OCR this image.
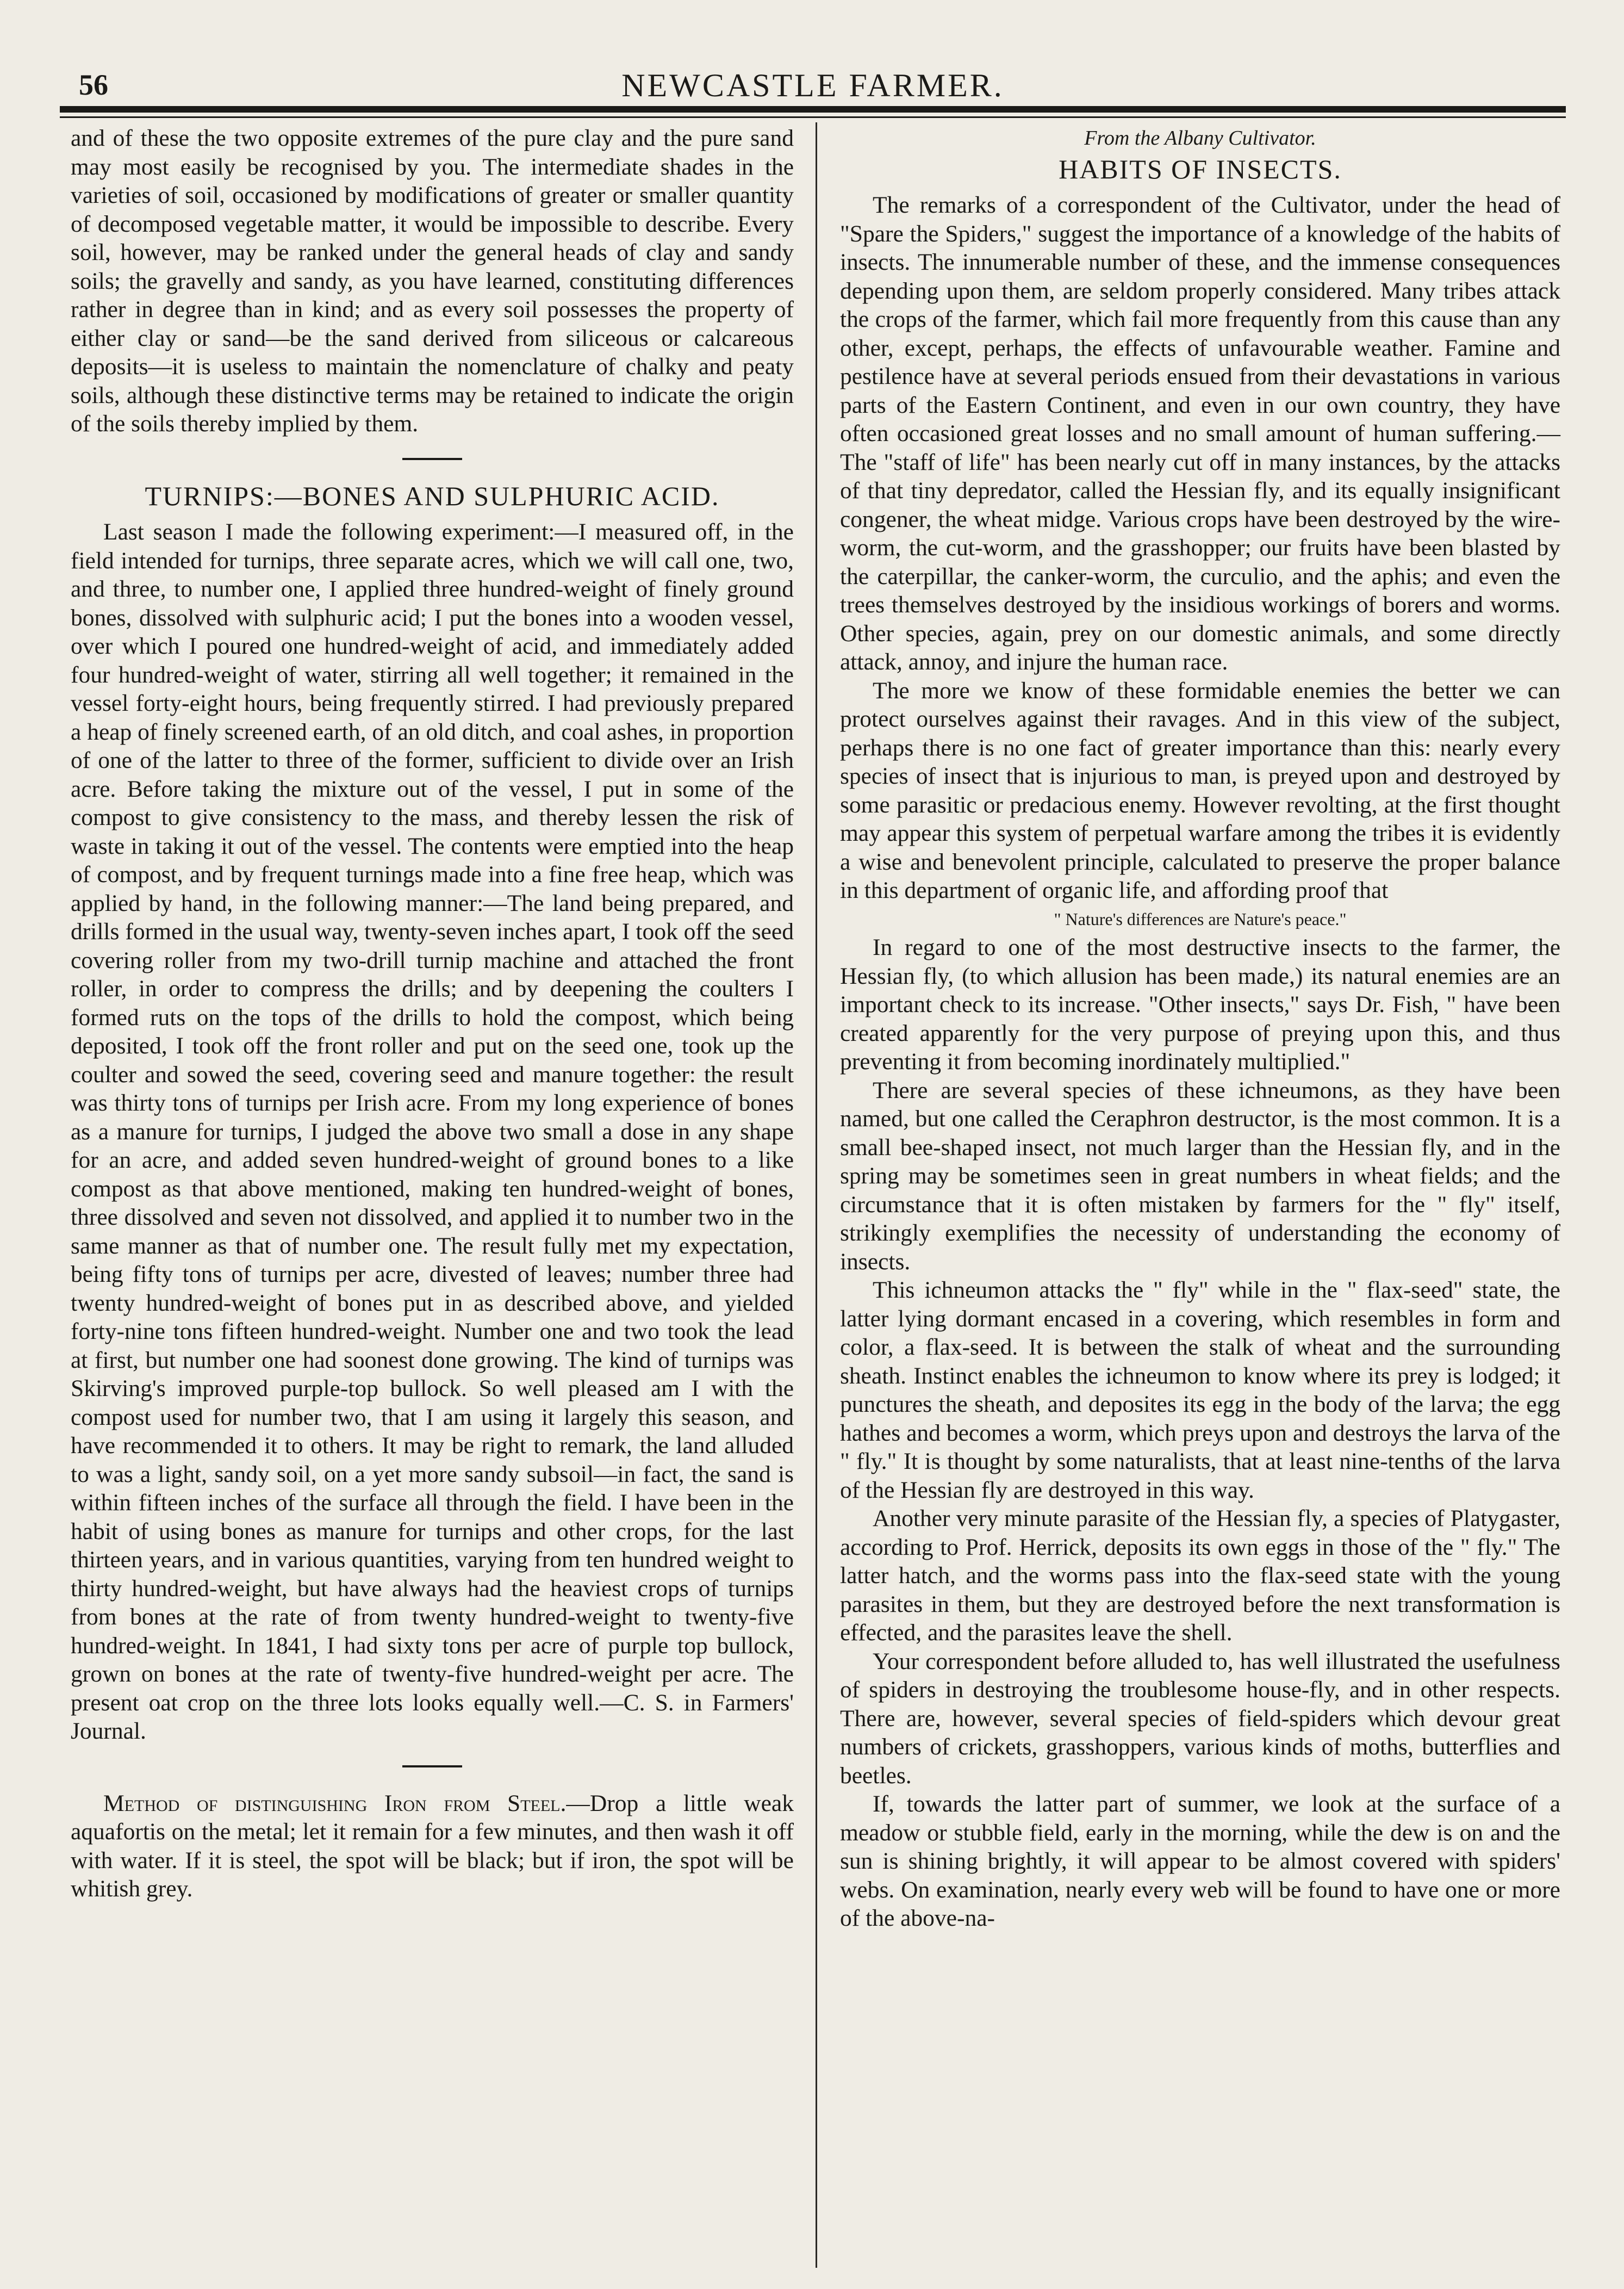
56	NEWCASTLE FARMER.

and of these the two opposite extremes of the pure clay and the pure sand may most easily be recognised by you. The intermediate shades in the varieties of soil, occasioned by modifications of greater or smaller quantity of decomposed vegetable matter, it would be impossible to describe. Every soil, however, may be ranked under the general heads of clay and sandy soils; the gravelly and sandy, as you have learned, constituting differences rather in degree than in kind; and as every soil possesses the property of either clay or sand—be the sand derived from siliceous or calcareous deposits—it is useless to maintain the nomenclature of chalky and peaty soils, although these distinctive terms may be retained to indicate the origin of the soils thereby implied by them.

TURNIPS:—BONES AND SULPHURIC ACID.

Last season I made the following experiment:—I measured off, in the field intended for turnips, three separate acres, which we will call one, two, and three, to number one, I applied three hundred-weight of finely ground bones, dissolved with sulphuric acid; I put the bones into a wooden vessel, over which I poured one hundred-weight of acid, and immediately added four hundred-weight of water, stirring all well together; it remained in the vessel forty-eight hours, being frequently stirred. I had previously prepared a heap of finely screened earth, of an old ditch, and coal ashes, in proportion of one of the latter to three of the former, sufficient to divide over an Irish acre. Before taking the mixture out of the vessel, I put in some of the compost to give consistency to the mass, and thereby lessen the risk of waste in taking it out of the vessel. The contents were emptied into the heap of compost, and by frequent turnings made into a fine free heap, which was applied by hand, in the following manner:—The land being prepared, and drills formed in the usual way, twenty-seven inches apart, I took off the seed covering roller from my two-drill turnip machine and attached the front roller, in order to compress the drills; and by deepening the coulters I formed ruts on the tops of the drills to hold the compost, which being deposited, I took off the front roller and put on the seed one, took up the coulter and sowed the seed, covering seed and manure together: the result was thirty tons of turnips per Irish acre. From my long experience of bones as a manure for turnips, I judged the above two small a dose in any shape for an acre, and added seven hundred-weight of ground bones to a like compost as that above mentioned, making ten hundred-weight of bones, three dissolved and seven not dissolved, and applied it to number two in the same manner as that of number one. The result fully met my expectation, being fifty tons of turnips per acre, divested of leaves; number three had twenty hundred-weight of bones put in as described above, and yielded forty-nine tons fifteen hundred-weight. Number one and two took the lead at first, but number one had soonest done growing. The kind of turnips was Skirving's improved purple-top bullock. So well pleased am I with the compost used for number two, that I am using it largely this season, and have recommended it to others. It may be right to remark, the land alluded to was a light, sandy soil, on a yet more sandy subsoil—in fact, the sand is within fifteen inches of the surface all through the field. I have been in the habit of using bones as manure for turnips and other crops, for the last thirteen years, and in various quantities, varying from ten hundred weight to thirty hundred-weight, but have always had the heaviest crops of turnips from bones at the rate of from twenty hundred-weight to twenty-five hundred-weight. In 1841, I had sixty tons per acre of purple top bullock, grown on bones at the rate of twenty-five hundred-weight per acre. The present oat crop on the three lots looks equally well.—C. S. in Farmers' Journal.

Method of distinguishing Iron from Steel.—Drop a little weak aquafortis on the metal; let it remain for a few minutes, and then wash it off with water. If it is steel, the spot will be black; but if iron, the spot will be whitish grey.

From the Albany Cultivator.
HABITS OF INSECTS.

The remarks of a correspondent of the Cultivator, under the head of "Spare the Spiders," suggest the importance of a knowledge of the habits of insects. The innumerable number of these, and the immense consequences depending upon them, are seldom properly considered. Many tribes attack the crops of the farmer, which fail more frequently from this cause than any other, except, perhaps, the effects of unfavourable weather. Famine and pestilence have at several periods ensued from their devastations in various parts of the Eastern Continent, and even in our own country, they have often occasioned great losses and no small amount of human suffering.—The "staff of life" has been nearly cut off in many instances, by the attacks of that tiny depredator, called the Hessian fly, and its equally insignificant congener, the wheat midge. Various crops have been destroyed by the wire-worm, the cut-worm, and the grasshopper; our fruits have been blasted by the caterpillar, the canker-worm, the curculio, and the aphis; and even the trees themselves destroyed by the insidious workings of borers and worms. Other species, again, prey on our domestic animals, and some directly attack, annoy, and injure the human race.

The more we know of these formidable enemies the better we can protect ourselves against their ravages. And in this view of the subject, perhaps there is no one fact of greater importance than this: nearly every species of insect that is injurious to man, is preyed upon and destroyed by some parasitic or predacious enemy. However revolting, at the first thought may appear this system of perpetual warfare among the tribes it is evidently a wise and benevolent principle, calculated to preserve the proper balance in this department of organic life, and affording proof that

" Nature's differences are Nature's peace."

In regard to one of the most destructive insects to the farmer, the Hessian fly, (to which allusion has been made,) its natural enemies are an important check to its increase. "Other insects," says Dr. Fish, " have been created apparently for the very purpose of preying upon this, and thus preventing it from becoming inordinately multiplied."

There are several species of these ichneumons, as they have been named, but one called the Ceraphron destructor, is the most common. It is a small bee-shaped insect, not much larger than the Hessian fly, and in the spring may be sometimes seen in great numbers in wheat fields; and the circumstance that it is often mistaken by farmers for the " fly" itself, strikingly exemplifies the necessity of understanding the economy of insects.

This ichneumon attacks the " fly" while in the " flax-seed" state, the latter lying dormant encased in a covering, which resembles in form and color, a flax-seed. It is between the stalk of wheat and the surrounding sheath. Instinct enables the ichneumon to know where its prey is lodged; it punctures the sheath, and deposites its egg in the body of the larva; the egg hathes and becomes a worm, which preys upon and destroys the larva of the " fly." It is thought by some naturalists, that at least nine-tenths of the larva of the Hessian fly are destroyed in this way.

Another very minute parasite of the Hessian fly, a species of Platygaster, according to Prof. Herrick, deposits its own eggs in those of the " fly." The latter hatch, and the worms pass into the flax-seed state with the young parasites in them, but they are destroyed before the next transformation is effected, and the parasites leave the shell.

Your correspondent before alluded to, has well illustrated the usefulness of spiders in destroying the troublesome house-fly, and in other respects. There are, however, several species of field-spiders which devour great numbers of crickets, grasshoppers, various kinds of moths, butterflies and beetles.

If, towards the latter part of summer, we look at the surface of a meadow or stubble field, early in the morning, while the dew is on and the sun is shining brightly, it will appear to be almost covered with spiders' webs. On examination, nearly every web will be found to have one or more of the above-na-
